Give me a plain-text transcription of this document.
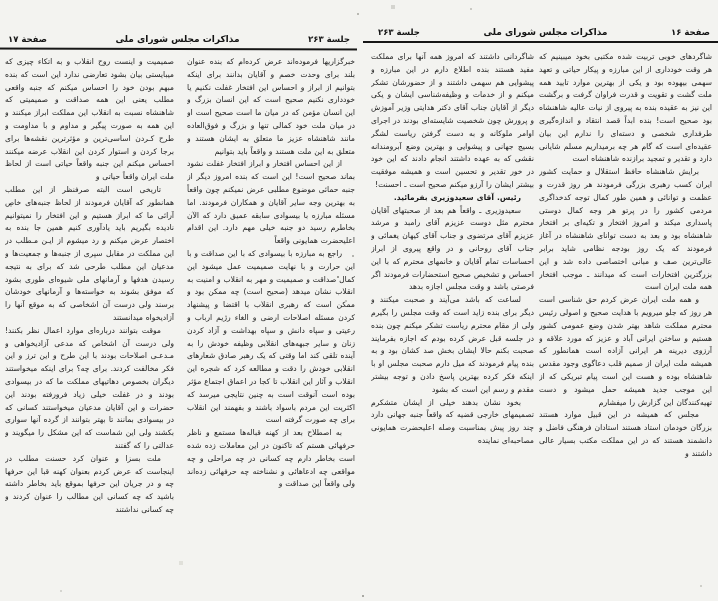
صفحة ۱۷	مذاکرات مجلس شورای ملی	جلسة ۲۶۳

صمیمیت و اینست روح انقلاب و به اتکاء چیزی که میبایستی بیان بشود تعارضی ندارد این است که بنده مبهم بودن خود را احساس میکنم که جنبه واقعی مطلب یعنی این همه صداقت و صمیمیتی که شاهنشاه نسبت به انقلاب این مملکت ابراز میکنند و این همه به صورت پیگیر و مداوم و با مداومت و طرح کـردن اساسی‌ترین و مؤثرترین نقشه‌ها برای برجا کردن و استوار کردن این انقلاب عرضه میکنند احساس میکنم این جنبه واقعاً حیاتی است از لحاظ ملت ایران واقعاً حیاتی و

تاریخی است البته صرفنظر از این مطلب همانطور که آقایان فرمودند از لحاظ جنبه‌های خاص آرائی ما که ابراز هستیم و این افتخار را نمیتوانیم نادیده بگیریم باید یادآوری کنیم همین جا بنده به اختصار عرض میکنم و رد میشوم از ایـن مـطلب در این مملکت در مقابل سپری از جنبه‌ها و جمعیت‌ها و مدعیان این مطلب طرحی شد که برای به نتیجه رسیدن هدفها و آرمانهای ملی شیوه‌ای طوری بشود که موفق بشوند به خواسته‌ها و آرمانهای خودشان برسند ولی درست آن اشخاصی که به موقع آنها را آزادیخواه میدانستند

موقت بتوانند درباره‌ای موارد اعمال نظر بکنند! ولی درست آن اشخاص که مدعی آزادیخواهی و مـدعـی اصلاحات بودند با این طرح و این ترز و این فکر مخالفت کردند. برای چه؟ برای اینکه میخواستند دیگران بخصوص دهاتیهای مملکت ما که در بیسوادی بودند و در غفلت خیلی زیاد فرورفته بودند این حضرات و این آقایان مدعیان میخواستند کسانی که در بیسوادی بمانند تا بهتر بتوانند از گرده آنها سواری بکشند ولی این شماست که این مشکل را میگویند و عدالتی را که گفتند

ملت بسزا و عنوان کرد حسنت مطلب در اینجاست که عرض کردم بعنوان کهنه قبا این حرفها چه و در جریان این حرفها بموقع باید بخاطر داشته باشید که چه کسانی این مطالب را عنوان کردند و چه کسانی نداشتند

خبرگزاریها فرموده‌اند عرض کرده‌ام که بنده عنوان بلند برای وحدت خصم و آقایان بدانند برای اینکه بتوانیم از ابراز و احساس این افتخار غفلت نکنیم یا خودداری نکنیم صحیح است که این انسان بزرگ و این انسان مؤمن که در میان ما است صحیح است او در میان ملت خود کمالی تنها و بزرگ و فوق‌العاده مانند شاهنشاه عزیز ما متعلق به ایشان هستند و متعلق به این ملت هستند و واقعاً باید بتوانیم

از این احساس افتخار و ابراز افتخار غفلت نشود بماند صحیح است! این است که بنده امروز دیگر از جنبه حمائی موضوع مطلبی عرض نمیکنم چون واقعاً به بهترین وجه سایر آقایان و همکاران فرمودند. اما مسئله مبارزه با بیسوادی سابقه عمیق دارد که الآن بخاطرم رسید دو جنبه خیلی مهم دارد. این اقدام اعلیحضرت همایونی واقعاً

راجع به مبارزه با بیسوادی که با این صداقت و با این حرارت و با نهایت صمیمیت عمل میشود این کمال صداقت و صمیمیت و مهر به انقلاب و امنیت به انقلاب نشان میدهد (صحیح است) چه ممکن بود و ممکن است که رهبری انقلاب با اقتضا و پیشنهاد کردن مسئله اصلاحات ارضی و الغاء رژیم ارباب و رعیتی و سپاه دانش و سپاه بهداشت و آزاد کردن زنان و سایر جبهه‌های انقلابی وظیفه خودش را به آینده تلقی کند اما وقتی که یک رهبر صادق شعارهای انقلابی خودش را دقت و مطالعه کرد که شجره این انقلاب و آثار این انقلاب تا کجا در اعماق اجتماع مؤثر بوده است آنوقت است به چنین نتایجی میرسد که اکثریت این مردم باسواد باشند و بفهمند این انقلاب برای چه صورت گرفته است

به اصطلاح بعد از کهنه قباله‌ها مستمع و ناظر حرفهائی هستم که تاکنون در این معاملات زده شده است بخاطر دارم چه کسانی در چه مراحلی و چه مواقعی چه ادعاهائی و نشناخته چه حرفهائی زده‌اند ولی واقعاً این صداقت و

جلسة ۲۶۳	مذاکرات مجلس شورای ملی	صفحة ۱۶

شاگردانی داشتند که امروز همه آنها برای مملکت مفید هستند بنده اطلاع دارم در این مبارزه و پیشوایی هم سهمی داشتند و از حضورشان تشکر میکنم و از خدمات و وظیفه‌شناسی ایشان و یکی دیگر از آقایان جناب آقای دکتر هدایتی وزیر آموزش و پرورش چون شخصیت شایسته‌ای بودند در اجرای اوامر ملوکانه و به دست گرفتن ریاست لشگر بسیج جهانی و پیشوایی و بهترین وضع آبرومندانه نقشی که به عهده داشتند انجام دادند که این خود در خور تقدیر و تحسین است و همیشه موفقیت بیشتر ایشان را آرزو میکنم صحیح است ـ احسنت!

رئیس. آقای سعیدوزیری بفرمائید.

سعیدوزیری ـ واقعاً هم بعد از صحبتهای آقایان محترم مثل دوست عزیزم آقای رامبد و مرشد عزیزم آقای مرتضوی و جناب آقای کیهان یغمائی و جناب آقای روحانی و در واقع پیروی از ابراز احساسات تمام آقایان و خانمهای محترم که با این احساس و تشخیص صحیح استحضارات فرمودند اگر فرصتی باشد و وقت مجلس اجازه بدهد

لساعت که باشد می‌آیند و صحبت میکنند و دیگر برای بنده زاید است که وقت مجلس را بگیرم ولی از مقام محترم ریاست تشکر میکنم چون بنده در جلسه قبل عرض کرده بودم که اجازه بفرمایند صحبت بکنم حالا ایشان بخش صد کشان بود و به بنده پیام فرمودند که میل دارم صحبت مجلس او با اینکه فکر کرده بهترین پاسخ دادن و توجه بیشتر مقدم و رسم این است که بشود

بخود نشان بدهند خیلی از ایشان متشکرم تصمیمهای خارجی قضیه که واقعاً جنبه جهانی دارد چند روز پیش بمناسبت وصله اعلیحضرت همایونی مصاحبه‌ای نماینده

شاگردهای خوبی تربیت شده مکتبی بخود میبینیم که هر وقت خودداری از این مبارزه و پیکار حیاتی و تعهد سهمی بیهوده بود و یکی از بهترین موارد تایید همه ملت گشت و تقویت و قدرت فراوان گرفت و برگشت این نیز به عقیده بنده به پیروی از نیات عالیه شاهنشاه بود صحیح است! بنده ابداً قصد انتقاد و اندازه‌گیری طرفداری شخصی و دسته‌ای را ندارم این بیان عقیده‌ای است که گام هر چه برمیداریم مسلم شایانی دارد و تقدیر و تمجید برازنده شاهنشاه است

برایش شاهنشاه حافظ استقلال و حمایت کشور ایران کسب رهبری بزرگی فرمودند هر روز قدرت و عظمت و توانائی و همین طور کمال توجه کدخداگری مردمی کشور را در پرتو هر وجه کمال دوستی پاسداری میکند و امروز افتخار و تکیه‌ای بر افتخار شاهنشاه بود و بعد به دست توانای شاهنشاه در آغاز فرمودند که یک روز بودجه نظامی شاید برابر عالی‌ترین صف و مبانی اختصاصی داده شد و این بزرگترین افتخارات است که میدانند ـ موجب افتخار همه ملت ایران است

و همه ملت ایران عرض کردم حق شناسی است هر روز که جلو میرویم با هدایت صحیح و اصولی رئیس محترم مملکت شاهد بهتر شدن وضع عمومی کشور هستیم و ساختن ایرانی آباد و عزیز که مورد علاقه و آرزوی دیرینه هر ایرانی آزاده است همانطور که همیشه ملت ایران از صمیم قلب دعاگوی وجود مقدس شاهنشاه بوده و هست این است پیام تبریکی که از این موجب جدید همیشه حمل میشود و دست تهیه‌کنندگان این گزارش را میفشارم

مجلس که همیشه در این قبیل موارد هستند بزرگان خودمان استاد هستند استادان فرهنگی فاضل و دانشمند هستند که در این مملکت مکتب بسیار عالی داشتند و
